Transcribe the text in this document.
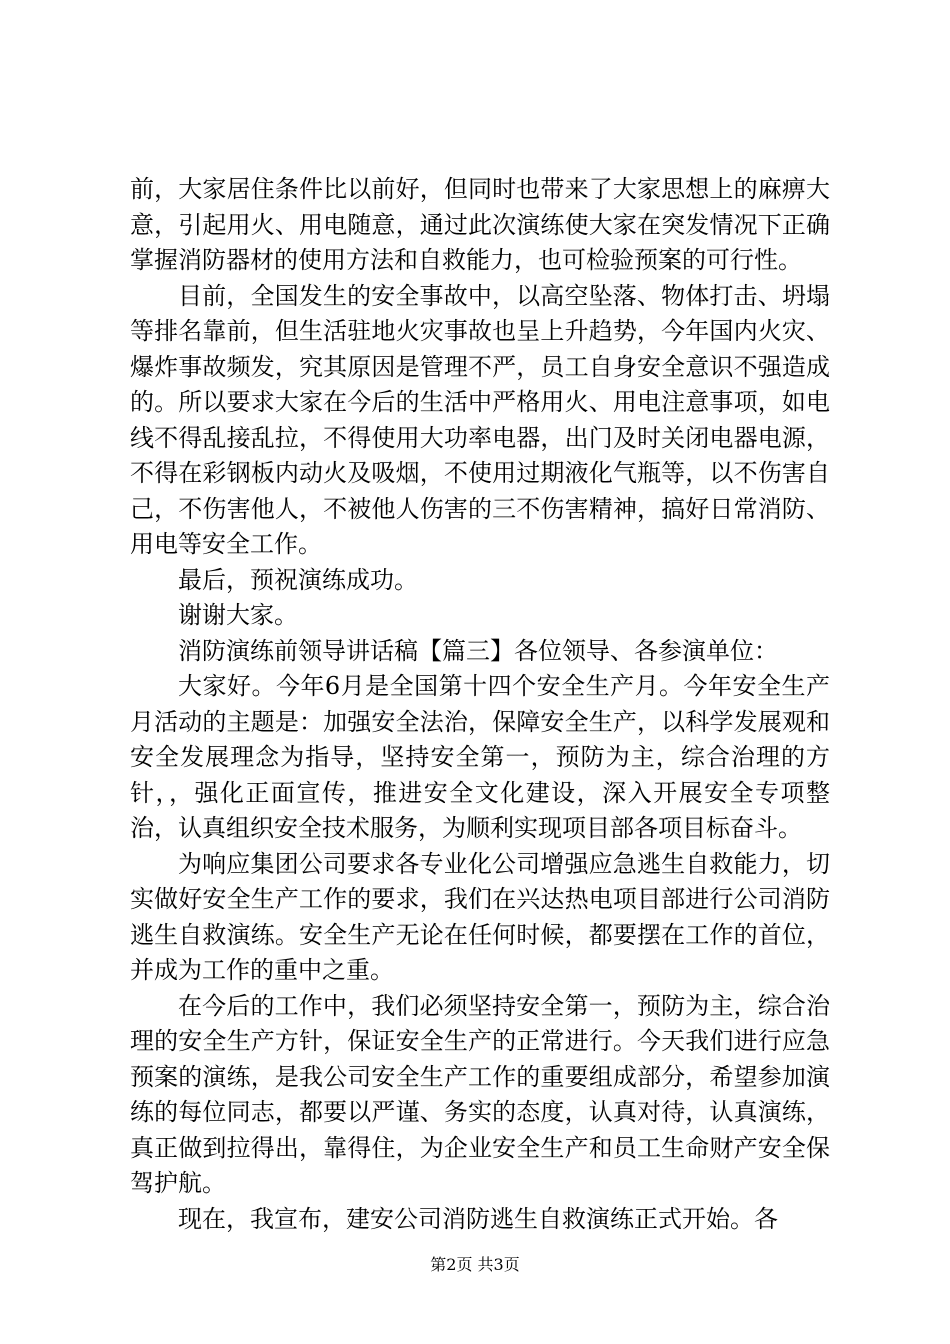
前，大家居住条件比以前好，但同时也带来了大家思想上的麻痹大意，引起用火、用电随意，通过此次演练使大家在突发情况下正确掌握消防器材的使用方法和自救能力，也可检验预案的可行性。

目前，全国发生的安全事故中，以高空坠落、物体打击、坍塌等排名靠前，但生活驻地火灾事故也呈上升趋势，今年国内火灾、爆炸事故频发，究其原因是管理不严，员工自身安全意识不强造成的。所以要求大家在今后的生活中严格用火、用电注意事项，如电线不得乱接乱拉，不得使用大功率电器，出门及时关闭电器电源，不得在彩钢板内动火及吸烟，不使用过期液化气瓶等，以不伤害自己，不伤害他人，不被他人伤害的三不伤害精神，搞好日常消防、用电等安全工作。

最后，预祝演练成功。

谢谢大家。

消防演练前领导讲话稿【篇三】各位领导、各参演单位：

大家好。今年6月是全国第十四个安全生产月。今年安全生产月活动的主题是：加强安全法治，保障安全生产，以科学发展观和安全发展理念为指导，坚持安全第一，预防为主，综合治理的方针，，强化正面宣传，推进安全文化建设，深入开展安全专项整治，认真组织安全技术服务，为顺利实现项目部各项目标奋斗。

为响应集团公司要求各专业化公司增强应急逃生自救能力，切实做好安全生产工作的要求，我们在兴达热电项目部进行公司消防逃生自救演练。安全生产无论在任何时候，都要摆在工作的首位，并成为工作的重中之重。

在今后的工作中，我们必须坚持安全第一，预防为主，综合治理的安全生产方针，保证安全生产的正常进行。今天我们进行应急预案的演练，是我公司安全生产工作的重要组成部分，希望参加演练的每位同志，都要以严谨、务实的态度，认真对待，认真演练，真正做到拉得出，靠得住，为企业安全生产和员工生命财产安全保驾护航。

现在，我宣布，建安公司消防逃生自救演练正式开始。各

第2页 共3页
